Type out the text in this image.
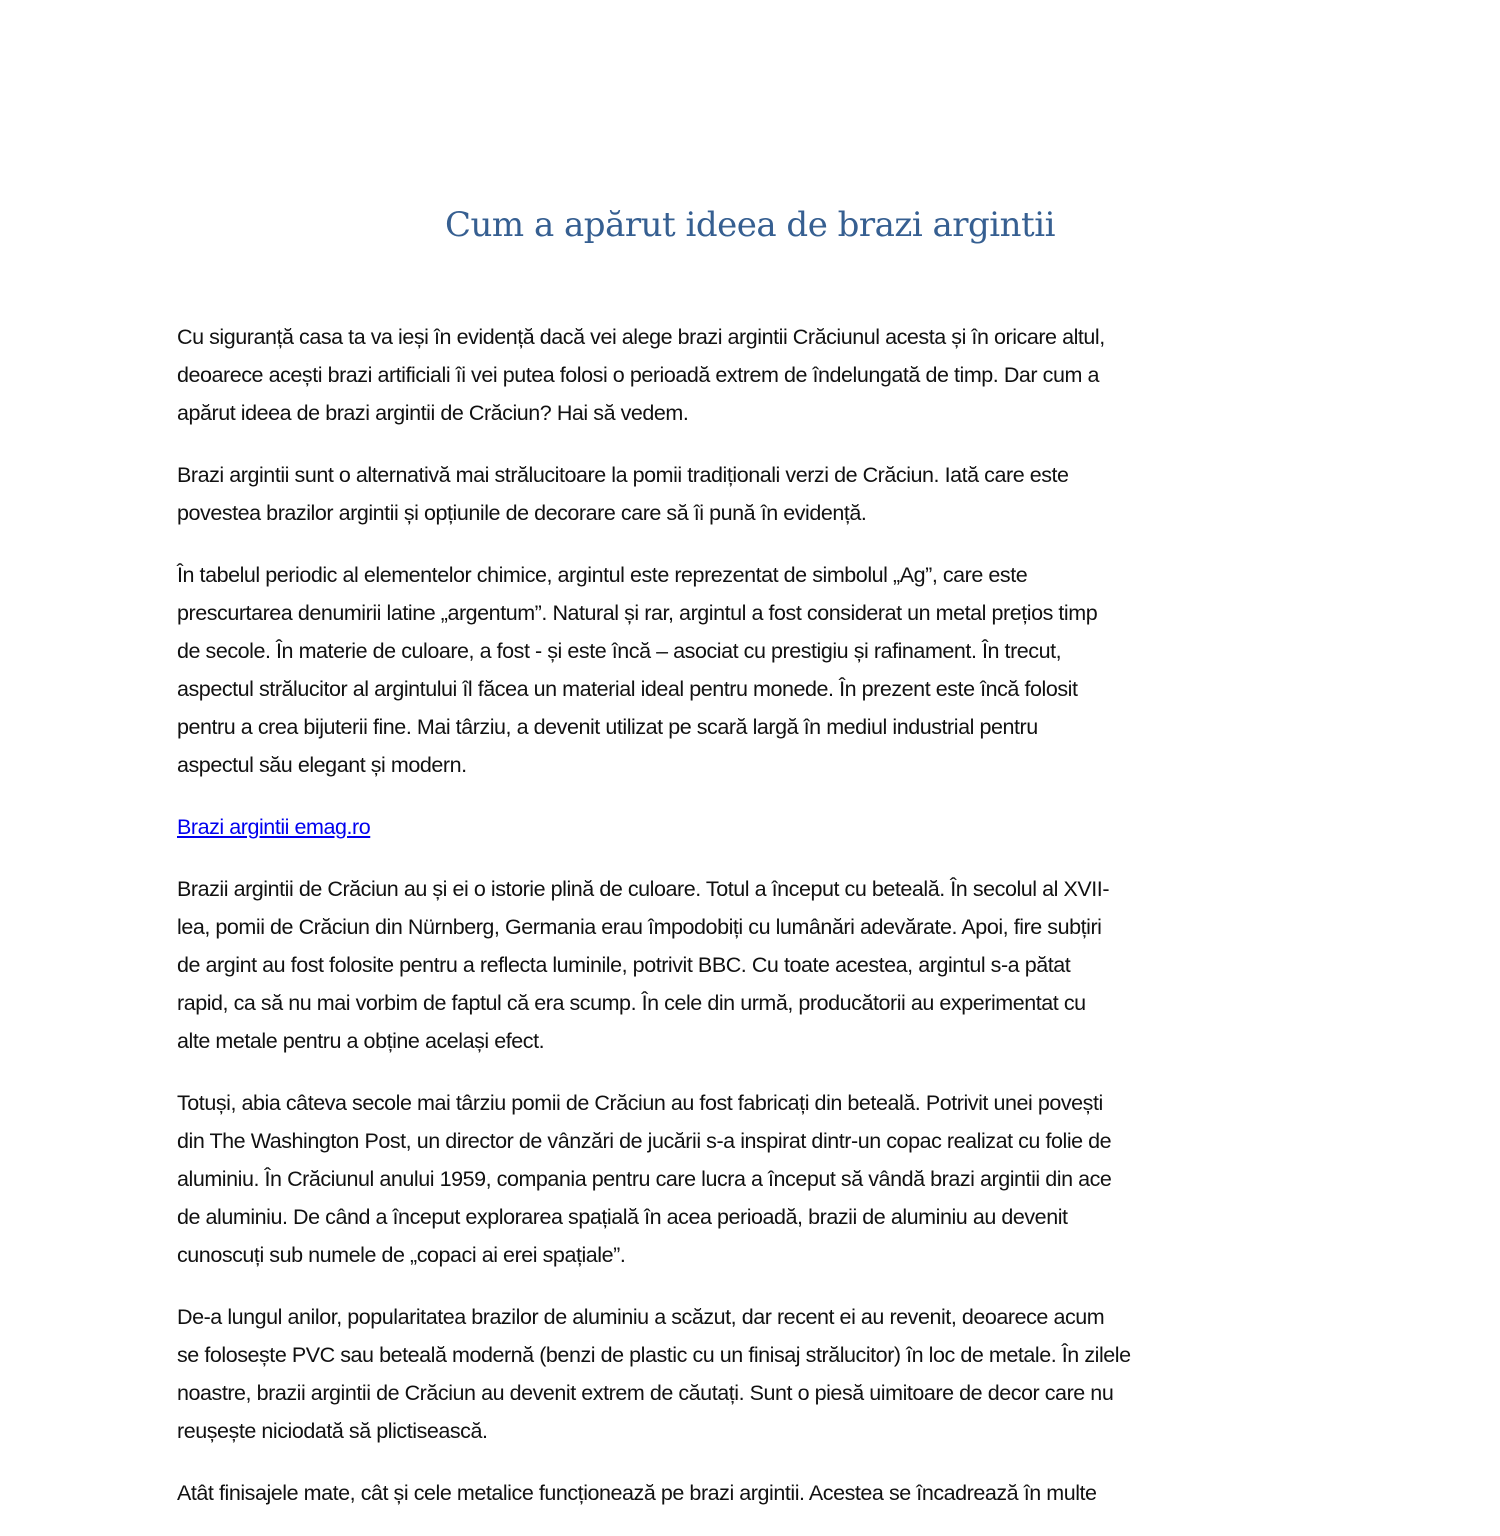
Cum a apărut ideea de brazi argintii

Cu siguranță casa ta va ieși în evidență dacă vei alege brazi argintii Crăciunul acesta și în oricare altul,
deoarece acești brazi artificiali îi vei putea folosi o perioadă extrem de îndelungată de timp. Dar cum a
apărut ideea de brazi argintii de Crăciun? Hai să vedem.

Brazi argintii sunt o alternativă mai strălucitoare la pomii tradiționali verzi de Crăciun. Iată care este
povestea brazilor argintii și opțiunile de decorare care să îi pună în evidență.

În tabelul periodic al elementelor chimice, argintul este reprezentat de simbolul „Ag”, care este
prescurtarea denumirii latine „argentum”. Natural și rar, argintul a fost considerat un metal prețios timp
de secole. În materie de culoare, a fost - și este încă – asociat cu prestigiu și rafinament. În trecut,
aspectul strălucitor al argintului îl făcea un material ideal pentru monede. În prezent este încă folosit
pentru a crea bijuterii fine. Mai târziu, a devenit utilizat pe scară largă în mediul industrial pentru
aspectul său elegant și modern.

Brazi argintii emag.ro

Brazii argintii de Crăciun au și ei o istorie plină de culoare. Totul a început cu beteală. În secolul al XVII-
lea, pomii de Crăciun din Nürnberg, Germania erau împodobiți cu lumânări adevărate. Apoi, fire subțiri
de argint au fost folosite pentru a reflecta luminile, potrivit BBC. Cu toate acestea, argintul s-a pătat
rapid, ca să nu mai vorbim de faptul că era scump. În cele din urmă, producătorii au experimentat cu
alte metale pentru a obține același efect.

Totuși, abia câteva secole mai târziu pomii de Crăciun au fost fabricați din beteală. Potrivit unei povești
din The Washington Post, un director de vânzări de jucării s-a inspirat dintr-un copac realizat cu folie de
aluminiu. În Crăciunul anului 1959, compania pentru care lucra a început să vândă brazi argintii din ace
de aluminiu. De când a început explorarea spațială în acea perioadă, brazii de aluminiu au devenit
cunoscuți sub numele de „copaci ai erei spațiale”.

De-a lungul anilor, popularitatea brazilor de aluminiu a scăzut, dar recent ei au revenit, deoarece acum
se folosește PVC sau beteală modernă (benzi de plastic cu un finisaj strălucitor) în loc de metale. În zilele
noastre, brazii argintii de Crăciun au devenit extrem de căutați. Sunt o piesă uimitoare de decor care nu
reușește niciodată să plictisească.

Atât finisajele mate, cât și cele metalice funcționează pe brazi argintii. Acestea se încadrează în multe
